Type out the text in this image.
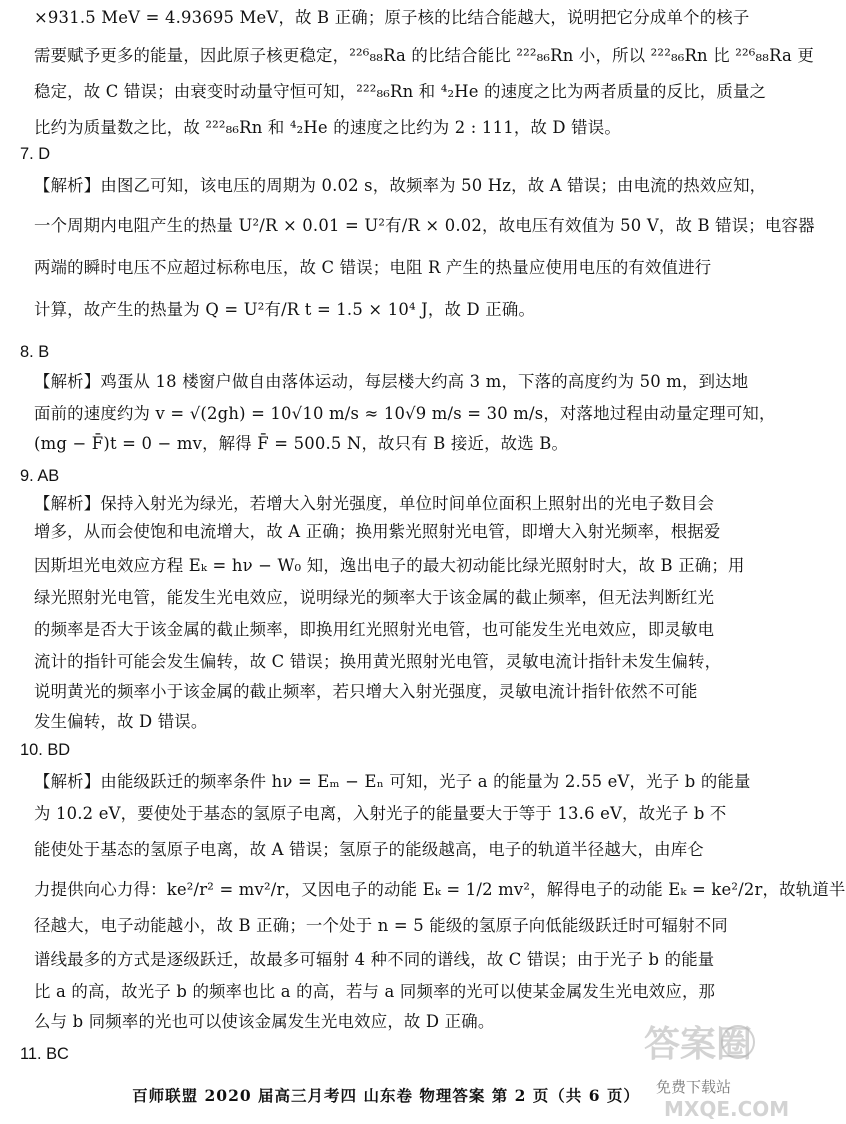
×931.5 MeV = 4.93695 MeV，故 B 正确；原子核的比结合能越大，说明把它分成单个的核子
需要赋予更多的能量，因此原子核更稳定，²²⁶₈₈Ra 的比结合能比 ²²²₈₆Rn 小，所以 ²²²₈₆Rn 比 ²²⁶₈₈Ra 更
稳定，故 C 错误；由衰变时动量守恒可知，²²²₈₆Rn 和 ⁴₂He 的速度之比为两者质量的反比，质量之
比约为质量数之比，故 ²²²₈₆Rn 和 ⁴₂He 的速度之比约为 2 : 111，故 D 错误。
7. D
【解析】由图乙可知，该电压的周期为 0.02 s，故频率为 50 Hz，故 A 错误；由电流的热效应知，
一个周期内电阻产生的热量 U²/R × 0.01 = U²有/R × 0.02，故电压有效值为 50 V，故 B 错误；电容器
两端的瞬时电压不应超过标称电压，故 C 错误；电阻 R 产生的热量应使用电压的有效值进行
计算，故产生的热量为 Q = U²有/R t = 1.5 × 10⁴ J，故 D 正确。
8. B
【解析】鸡蛋从 18 楼窗户做自由落体运动，每层楼大约高 3 m，下落的高度约为 50 m，到达地
面前的速度约为 v = √(2gh) = 10√10 m/s ≈ 10√9 m/s = 30 m/s，对落地过程由动量定理可知，
(mg − F̄)t = 0 − mv，解得 F̄ = 500.5 N，故只有 B 接近，故选 B。
9. AB
【解析】保持入射光为绿光，若增大入射光强度，单位时间单位面积上照射出的光电子数目会
增多，从而会使饱和电流增大，故 A 正确；换用紫光照射光电管，即增大入射光频率，根据爱
因斯坦光电效应方程 Eₖ = hν − W₀ 知，逸出电子的最大初动能比绿光照射时大，故 B 正确；用
绿光照射光电管，能发生光电效应，说明绿光的频率大于该金属的截止频率，但无法判断红光
的频率是否大于该金属的截止频率，即换用红光照射光电管，也可能发生光电效应，即灵敏电
流计的指针可能会发生偏转，故 C 错误；换用黄光照射光电管，灵敏电流计指针未发生偏转，
说明黄光的频率小于该金属的截止频率，若只增大入射光强度，灵敏电流计指针依然不可能
发生偏转，故 D 错误。
10. BD
【解析】由能级跃迁的频率条件 hν = Eₘ − Eₙ 可知，光子 a 的能量为 2.55 eV，光子 b 的能量
为 10.2 eV，要使处于基态的氢原子电离，入射光子的能量要大于等于 13.6 eV，故光子 b 不
能使处于基态的氢原子电离，故 A 错误；氢原子的能级越高，电子的轨道半径越大，由库仑
力提供向心力得：ke²/r² = mv²/r，又因电子的动能 Eₖ = 1/2 mv²，解得电子的动能 Eₖ = ke²/2r，故轨道半
径越大，电子动能越小，故 B 正确；一个处于 n = 5 能级的氢原子向低能级跃迁时可辐射不同
谱线最多的方式是逐级跃迁，故最多可辐射 4 种不同的谱线，故 C 错误；由于光子 b 的能量
比 a 的高，故光子 b 的频率也比 a 的高，若与 a 同频率的光可以使某金属发生光电效应，那
么与 b 同频率的光也可以使该金属发生光电效应，故 D 正确。
11. BC
百师联盟 2020 届高三月考四 山东卷 物理答案 第 2 页（共 6 页）
答案圈
MXQE.COM
免费下载站
